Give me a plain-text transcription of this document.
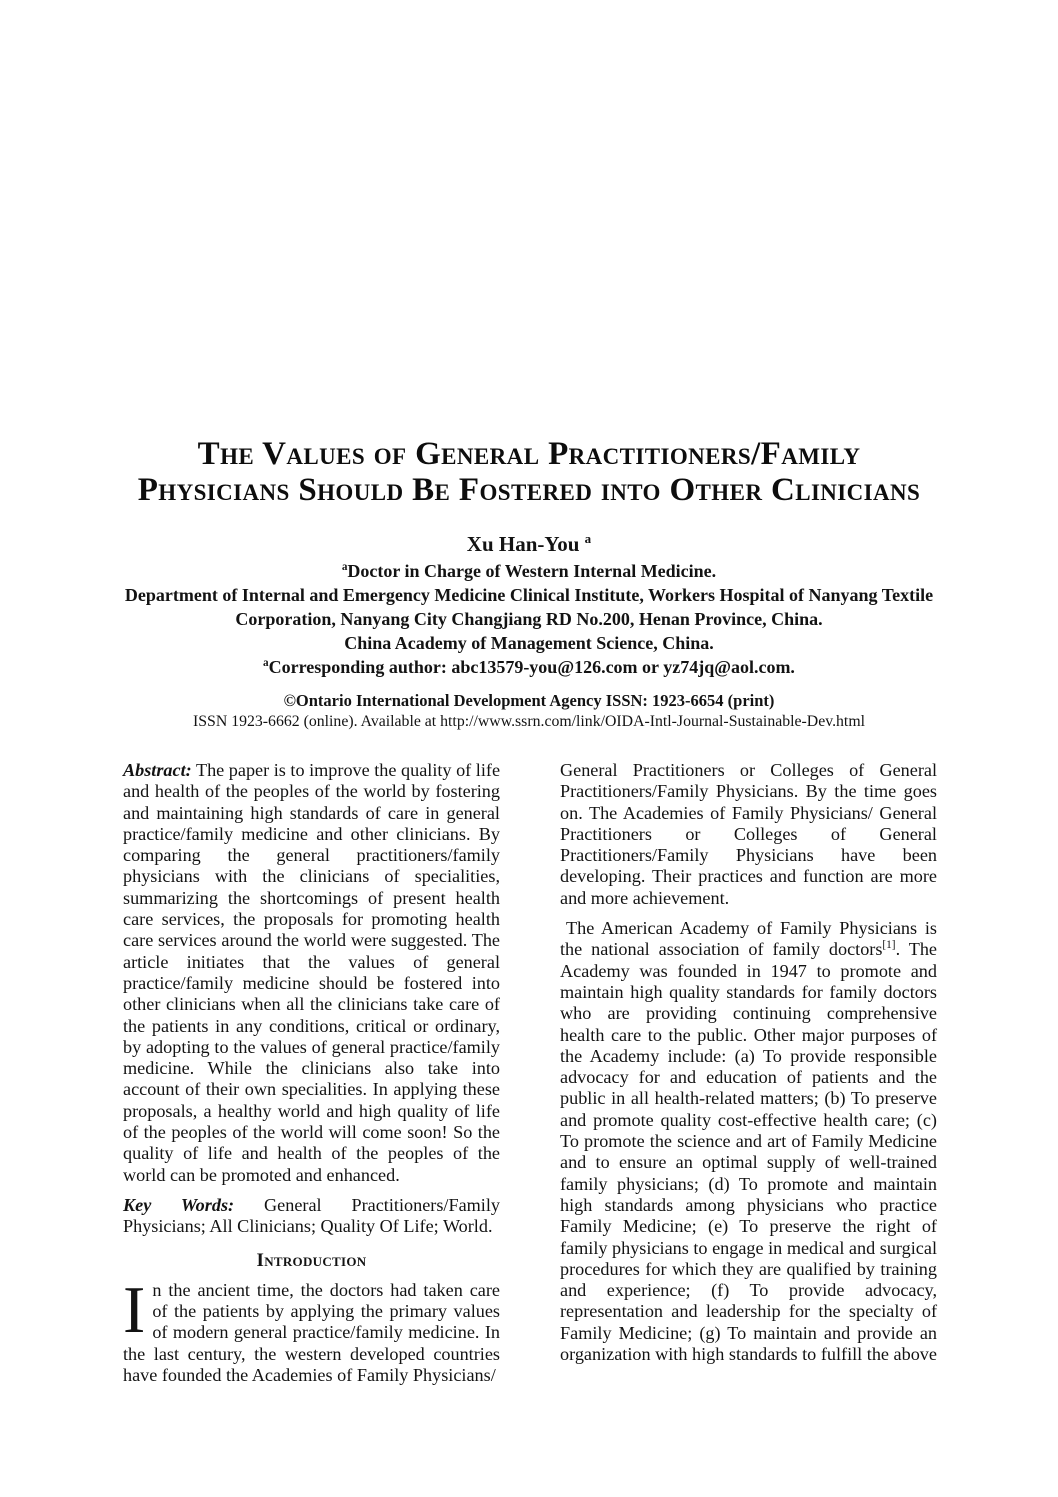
The Values of General Practitioners/Family
Physicians Should Be Fostered into Other Clinicians
Xu Han-You $^a$
$^a$Doctor in Charge of Western Internal Medicine.
Department of Internal and Emergency Medicine Clinical Institute, Workers Hospital of Nanyang Textile
Corporation, Nanyang City Changjiang RD No.200, Henan Province, China.
China Academy of Management Science, China.
$^a$Corresponding author: abc13579-you@126.com or yz74jq@aol.com.
©Ontario International Development Agency ISSN: 1923-6654 (print)
ISSN 1923-6662 (online). Available at http://www.ssrn.com/link/OIDA-Intl-Journal-Sustainable-Dev.html

Abstract: The paper is to improve the quality of life and health of the peoples of the world by fostering and maintaining high standards of care in general practice/family medicine and other clinicians. By comparing the general practitioners/family physicians with the clinicians of specialities, summarizing the shortcomings of present health care services, the proposals for promoting health care services around the world were suggested. The article initiates that the values of general practice/family medicine should be fostered into other clinicians when all the clinicians take care of the patients in any conditions, critical or ordinary, by adopting to the values of general practice/family medicine. While the clinicians also take into account of their own specialities. In applying these proposals, a healthy world and high quality of life of the peoples of the world will come soon! So the quality of life and health of the peoples of the world can be promoted and enhanced.

Key Words: General Practitioners/Family Physicians; All Clinicians; Quality Of Life; World.

Introduction

In the ancient time, the doctors had taken care of the patients by applying the primary values of modern general practice/family medicine. In the last century, the western developed countries have founded the Academies of Family Physicians/

General Practitioners or Colleges of General Practitioners/Family Physicians. By the time goes on. The Academies of Family Physicians/ General Practitioners or Colleges of General Practitioners/Family Physicians have been developing. Their practices and function are more and more achievement.

The American Academy of Family Physicians is the national association of family doctors[1]. The Academy was founded in 1947 to promote and maintain high quality standards for family doctors who are providing continuing comprehensive health care to the public. Other major purposes of the Academy include: (a) To provide responsible advocacy for and education of patients and the public in all health-related matters; (b) To preserve and promote quality cost-effective health care; (c) To promote the science and art of Family Medicine and to ensure an optimal supply of well-trained family physicians; (d) To promote and maintain high standards among physicians who practice Family Medicine; (e) To preserve the right of family physicians to engage in medical and surgical procedures for which they are qualified by training and experience; (f) To provide advocacy, representation and leadership for the specialty of Family Medicine; (g) To maintain and provide an organization with high standards to fulfill the above
